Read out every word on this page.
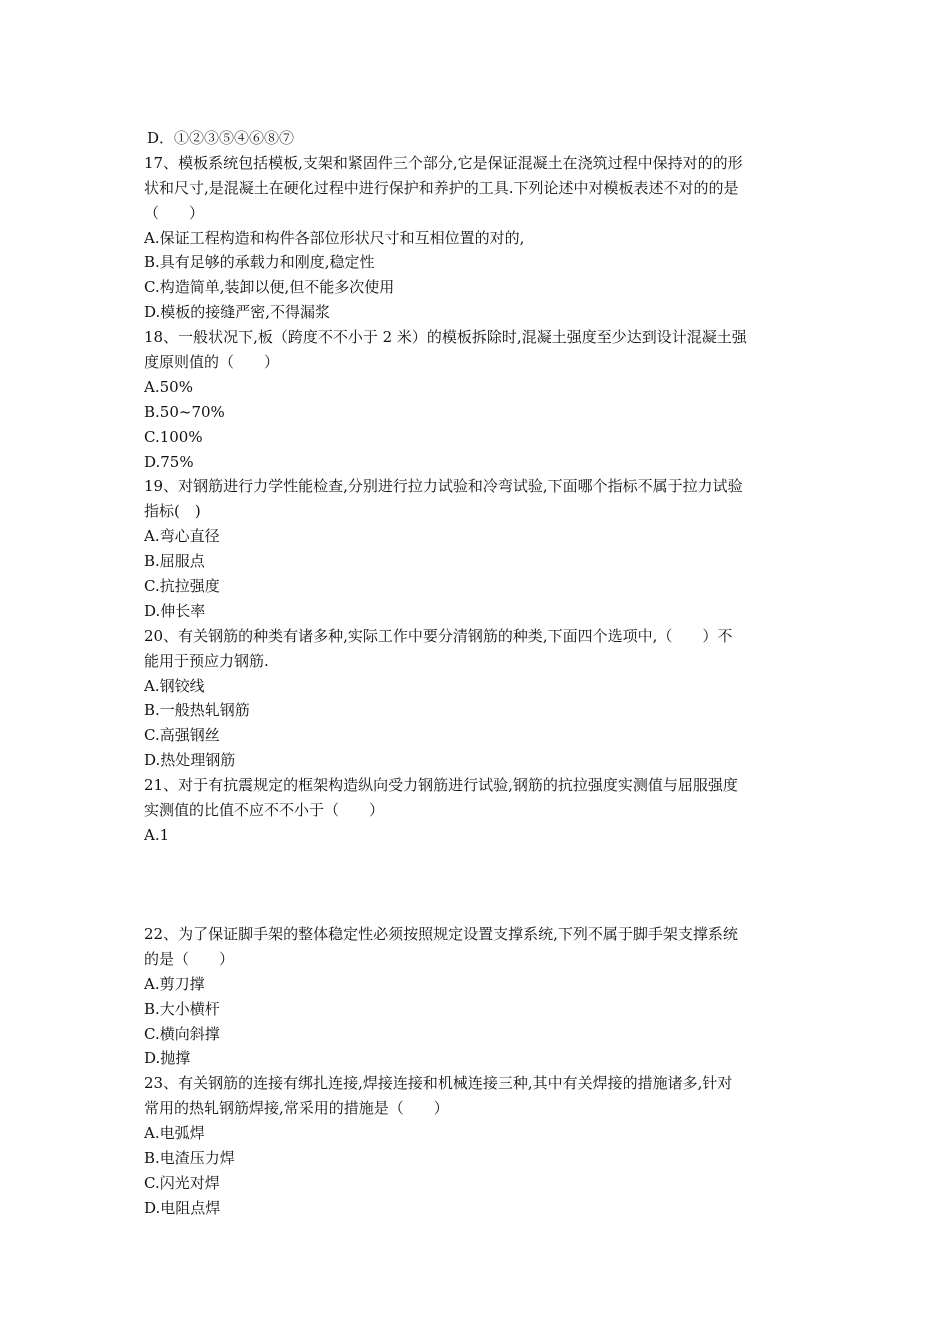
D．①②③⑤④⑥⑧⑦
17、模板系统包括模板,支架和紧固件三个部分,它是保证混凝土在浇筑过程中保持对的的形
状和尺寸,是混凝土在硬化过程中进行保护和养护的工具.下列论述中对模板表述不对的的是
（　　）
A.保证工程构造和构件各部位形状尺寸和互相位置的对的,
B.具有足够的承载力和刚度,稳定性
C.构造简单,装卸以便,但不能多次使用
D.模板的接缝严密,不得漏浆
18、一般状况下,板（跨度不不小于 2 米）的模板拆除时,混凝土强度至少达到设计混凝土强
度原则值的（　　）
A.50%
B.50~70%
C.100%
D.75%
19、对钢筋进行力学性能检查,分别进行拉力试验和冷弯试验,下面哪个指标不属于拉力试验
指标(　)
A.弯心直径
B.屈服点
C.抗拉强度
D.伸长率
20、有关钢筋的种类有诸多种,实际工作中要分清钢筋的种类,下面四个选项中,（　　）不
能用于预应力钢筋.
A.钢铰线
B.一般热轧钢筋
C.高强钢丝
D.热处理钢筋
21、对于有抗震规定的框架构造纵向受力钢筋进行试验,钢筋的抗拉强度实测值与屈服强度
实测值的比值不应不不小于（　　）
A.1
22、为了保证脚手架的整体稳定性必须按照规定设置支撑系统,下列不属于脚手架支撑系统
的是（　　）
A.剪刀撑
B.大小横杆
C.横向斜撑
D.抛撑
23、有关钢筋的连接有绑扎连接,焊接连接和机械连接三种,其中有关焊接的措施诸多,针对
常用的热轧钢筋焊接,常采用的措施是（　　）
A.电弧焊
B.电渣压力焊
C.闪光对焊
D.电阻点焊
